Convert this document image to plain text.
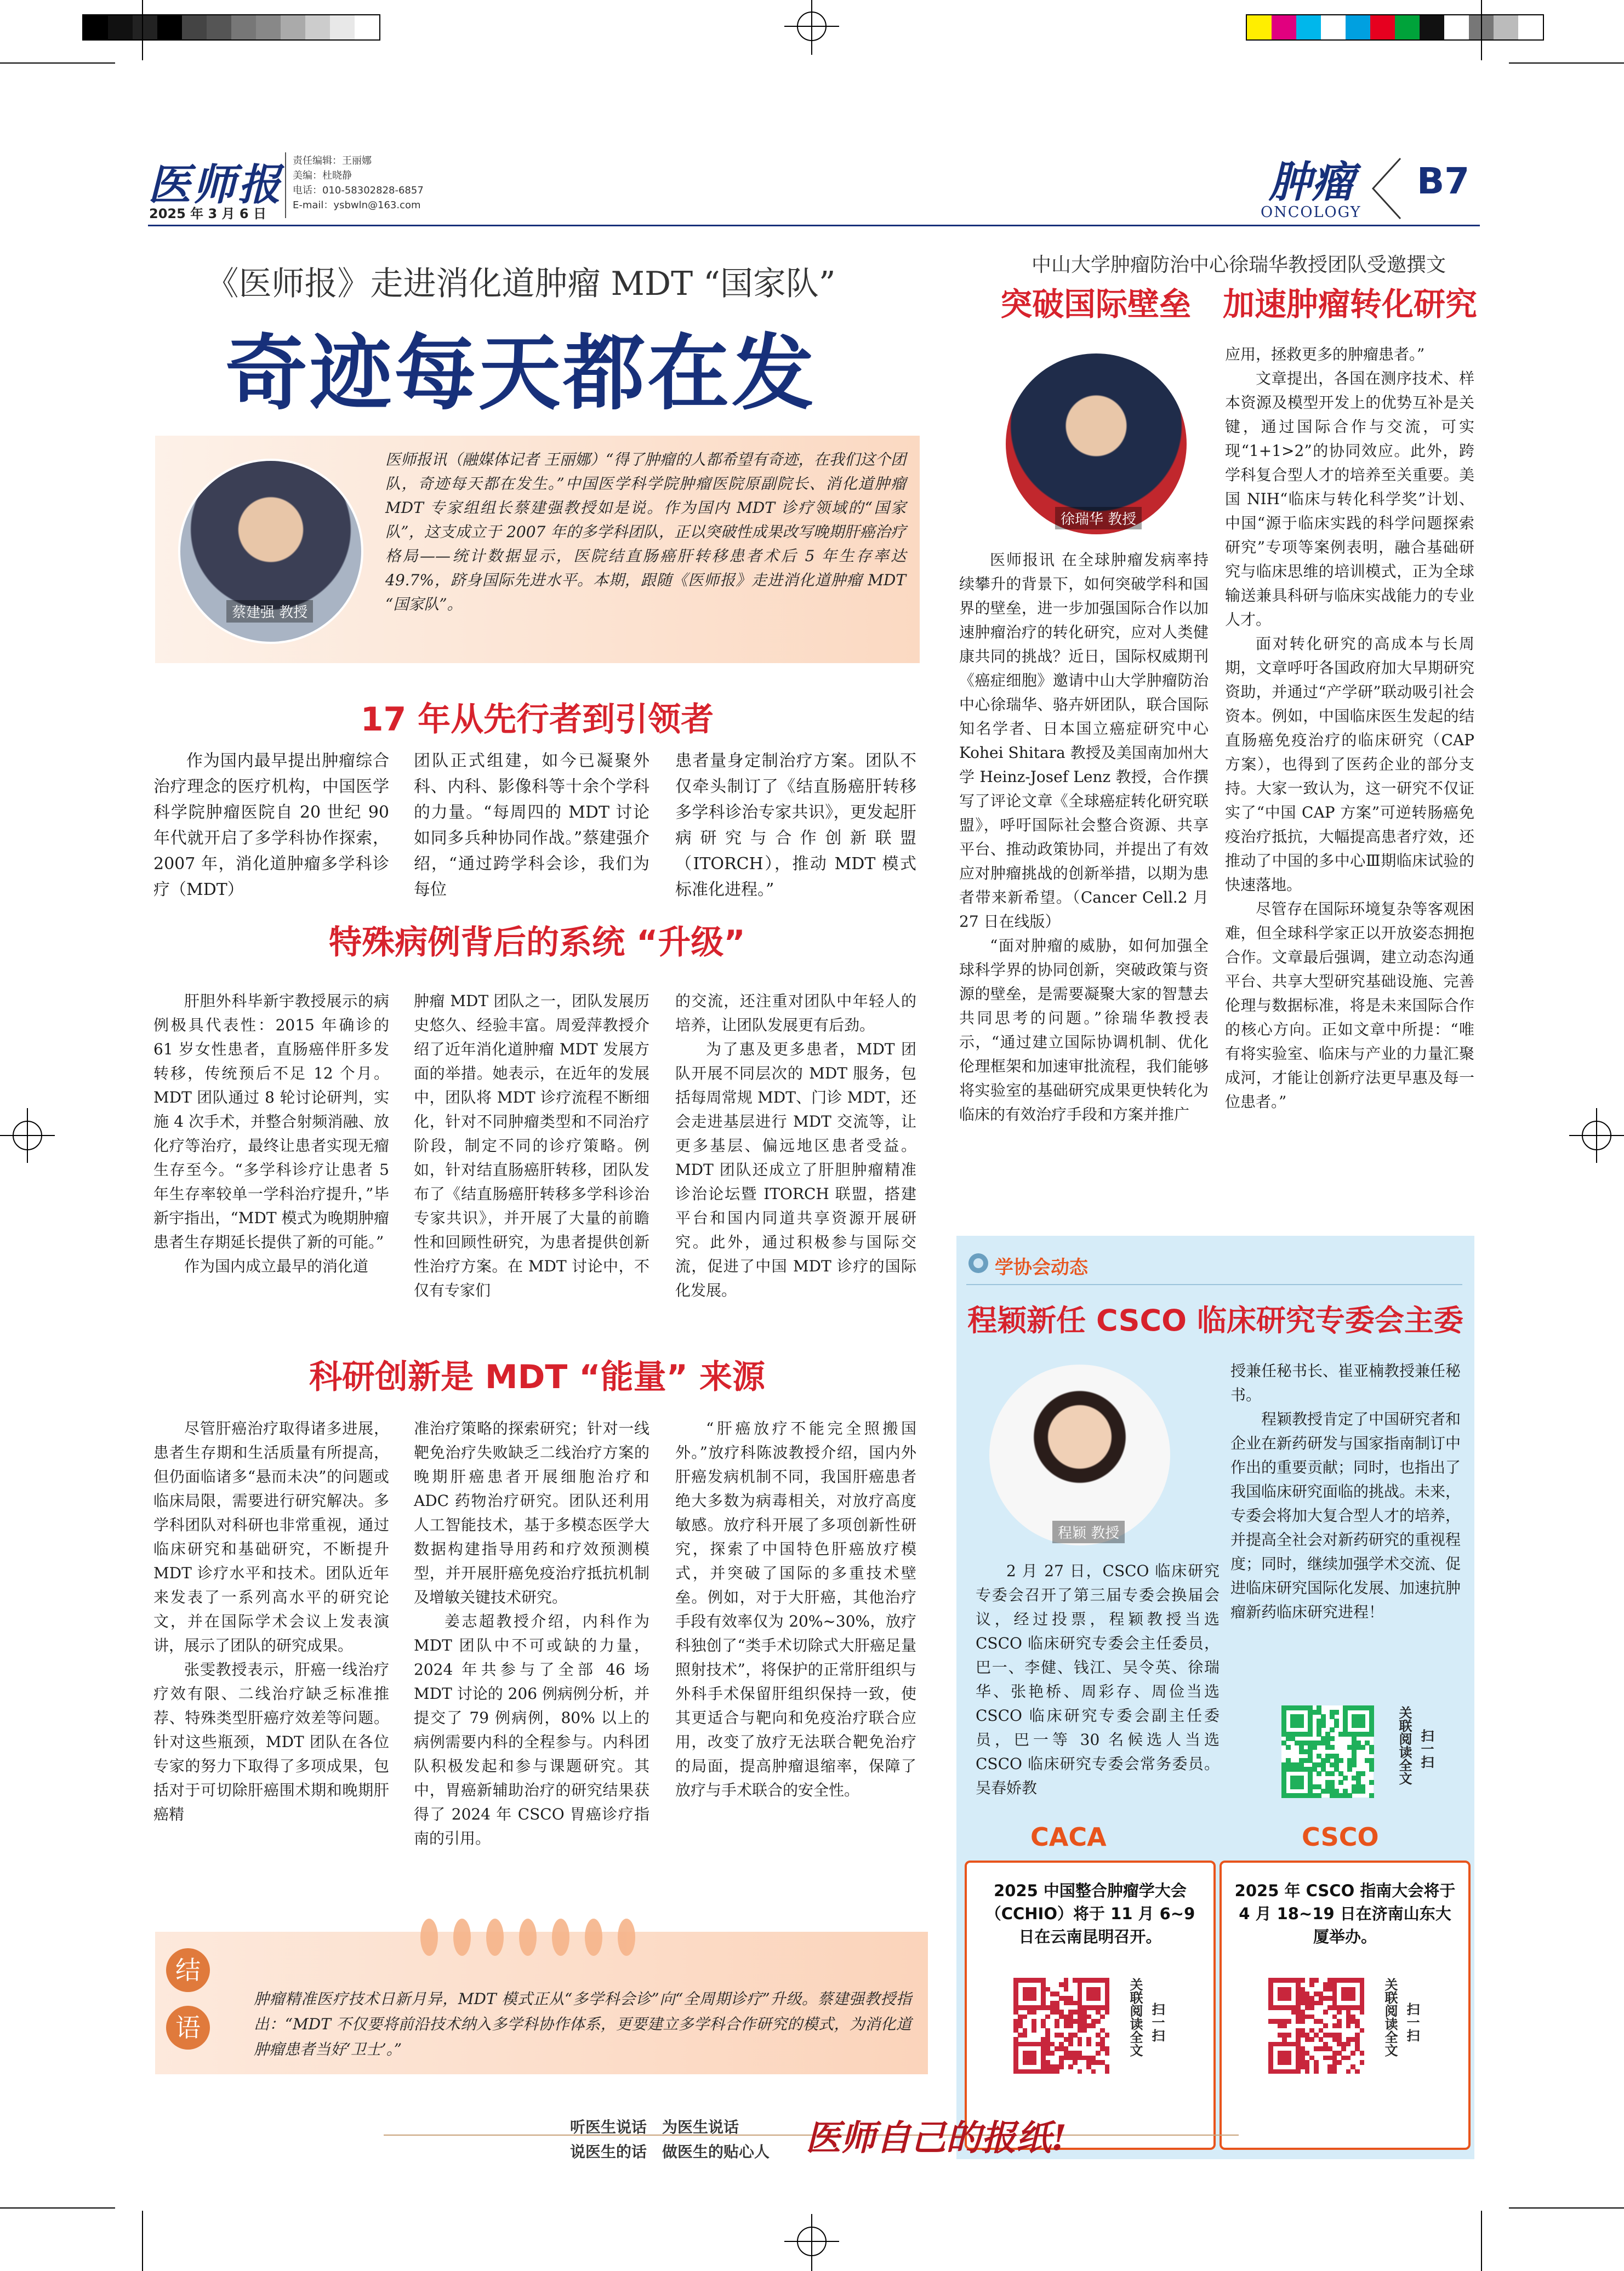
医师报
2025 年 3 月 6 日
责任编辑：王丽娜
美编：杜晓静
电话：010-58302828-6857
E-mail：ysbwln@163.com	肿瘤
ONCOLOGY
B7
《医师报》走进消化道肿瘤 MDT “国家队”
奇迹每天都在发
蔡建强 教授
医师报讯（融媒体记者 王丽娜）“得了肿瘤的人都希望有奇迹，在我们这个团队，奇迹每天都在发生。”中国医学科学院肿瘤医院原副院长、消化道肿瘤 MDT 专家组组长蔡建强教授如是说。作为国内 MDT 诊疗领域的“国家队”，这支成立于 2007 年的多学科团队，正以突破性成果改写晚期肝癌治疗格局——统计数据显示，医院结直肠癌肝转移患者术后 5 年生存率达 49.7%，跻身国际先进水平。本期，跟随《医师报》走进消化道肿瘤 MDT “国家队”。
17 年从先行者到引领者

作为国内最早提出肿瘤综合治疗理念的医疗机构，中国医学科学院肿瘤医院自 20 世纪 90 年代就开启了多学科协作探索，2007 年，消化道肿瘤多学科诊疗（MDT）

团队正式组建，如今已凝聚外科、内科、影像科等十余个学科的力量。“每周四的 MDT 讨论如同多兵种协同作战。”蔡建强介绍，“通过跨学科会诊，我们为每位

患者量身定制治疗方案。团队不仅牵头制订了《结直肠癌肝转移多学科诊治专家共识》，更发起肝病研究与合作创新联盟（ITORCH），推动 MDT 模式标准化进程。”

特殊病例背后的系统 “升级”

肝胆外科毕新宇教授展示的病例极具代表性：2015 年确诊的 61 岁女性患者，直肠癌伴肝多发转移，传统预后不足 12 个月。MDT 团队通过 8 轮讨论研判，实施 4 次手术，并整合射频消融、放化疗等治疗，最终让患者实现无瘤生存至今。“多学科诊疗让患者 5 年生存率较单一学科治疗提升，”毕新宇指出，“MDT 模式为晚期肿瘤患者生存期延长提供了新的可能。”

作为国内成立最早的消化道

肿瘤 MDT 团队之一，团队发展历史悠久、经验丰富。周爱萍教授介绍了近年消化道肿瘤 MDT 发展方面的举措。她表示，在近年的发展中，团队将 MDT 诊疗流程不断细化，针对不同肿瘤类型和不同治疗阶段，制定不同的诊疗策略。例如，针对结直肠癌肝转移，团队发布了《结直肠癌肝转移多学科诊治专家共识》，并开展了大量的前瞻性和回顾性研究，为患者提供创新性治疗方案。在 MDT 讨论中，不仅有专家们

的交流，还注重对团队中年轻人的培养，让团队发展更有后劲。

为了惠及更多患者，MDT 团队开展不同层次的 MDT 服务，包括每周常规 MDT、门诊 MDT，还会走进基层进行 MDT 交流等，让更多基层、偏远地区患者受益。MDT 团队还成立了肝胆肿瘤精准诊治论坛暨 ITORCH 联盟，搭建平台和国内同道共享资源开展研究。此外，通过积极参与国际交流，促进了中国 MDT 诊疗的国际化发展。

科研创新是 MDT “能量” 来源

尽管肝癌治疗取得诸多进展，患者生存期和生活质量有所提高，但仍面临诸多“悬而未决”的问题或临床局限，需要进行研究解决。多学科团队对科研也非常重视，通过临床研究和基础研究，不断提升 MDT 诊疗水平和技术。团队近年来发表了一系列高水平的研究论文，并在国际学术会议上发表演讲，展示了团队的研究成果。

张雯教授表示，肝癌一线治疗疗效有限、二线治疗缺乏标准推荐、特殊类型肝癌疗效差等问题。针对这些瓶颈，MDT 团队在各位专家的努力下取得了多项成果，包括对于可切除肝癌围术期和晚期肝癌精

准治疗策略的探索研究；针对一线靶免治疗失败缺乏二线治疗方案的晚期肝癌患者开展细胞治疗和 ADC 药物治疗研究。团队还利用人工智能技术，基于多模态医学大数据构建指导用药和疗效预测模型，并开展肝癌免疫治疗抵抗机制及增敏关键技术研究。

姜志超教授介绍，内科作为 MDT 团队中不可或缺的力量，2024 年共参与了全部 46 场 MDT 讨论的 206 例病例分析，并提交了 79 例病例，80% 以上的病例需要内科的全程参与。内科团队积极发起和参与课题研究。其中，胃癌新辅助治疗的研究结果获得了 2024 年 CSCO 胃癌诊疗指南的引用。

“肝癌放疗不能完全照搬国外。”放疗科陈波教授介绍，国内外肝癌发病机制不同，我国肝癌患者绝大多数为病毒相关，对放疗高度敏感。放疗科开展了多项创新性研究，探索了中国特色肝癌放疗模式，并突破了国际的多重技术壁垒。例如，对于大肝癌，其他治疗手段有效率仅为 20%~30%，放疗科独创了“类手术切除式大肝癌足量照射技术”，将保护的正常肝组织与外科手术保留肝组织保持一致，使其更适合与靶向和免疫治疗联合应用，改变了放疗无法联合靶免治疗的局面，提高肿瘤退缩率，保障了放疗与手术联合的安全性。

结
语
肿瘤精准医疗技术日新月异，MDT 模式正从“多学科会诊”向“全周期诊疗”升级。蔡建强教授指出：“MDT 不仅要将前沿技术纳入多学科协作体系，更要建立多学科合作研究的模式，为消化道肿瘤患者当好‘卫士’。”
中山大学肿瘤防治中心徐瑞华教授团队受邀撰文
突破国际壁垒　加速肿瘤转化研究
徐瑞华 教授

应用，拯救更多的肿瘤患者。”

文章提出，各国在测序技术、样本资源及模型开发上的优势互补是关键，通过国际合作与交流，可实现“1+1>2”的协同效应。此外，跨学科复合型人才的培养至关重要。美国 NIH“临床与转化科学奖”计划、中国“源于临床实践的科学问题探索研究”专项等案例表明，融合基础研究与临床思维的培训模式，正为全球输送兼具科研与临床实战能力的专业人才。

面对转化研究的高成本与长周期，文章呼吁各国政府加大早期研究资助，并通过“产学研”联动吸引社会资本。例如，中国临床医生发起的结直肠癌免疫治疗的临床研究（CAP 方案），也得到了医药企业的部分支持。大家一致认为，这一研究不仅证实了“中国 CAP 方案”可逆转肠癌免疫治疗抵抗，大幅提高患者疗效，还推动了中国的多中心Ⅲ期临床试验的快速落地。

尽管存在国际环境复杂等客观困难，但全球科学家正以开放姿态拥抱合作。文章最后强调，建立动态沟通平台、共享大型研究基础设施、完善伦理与数据标准，将是未来国际合作的核心方向。正如文章中所提：“唯有将实验室、临床与产业的力量汇聚成河，才能让创新疗法更早惠及每一位患者。”

医师报讯 在全球肿瘤发病率持续攀升的背景下，如何突破学科和国界的壁垒，进一步加强国际合作以加速肿瘤治疗的转化研究，应对人类健康共同的挑战？近日，国际权威期刊《癌症细胞》邀请中山大学肿瘤防治中心徐瑞华、骆卉妍团队，联合国际知名学者、日本国立癌症研究中心 Kohei Shitara 教授及美国南加州大学 Heinz-Josef Lenz 教授，合作撰写了评论文章《全球癌症转化研究联盟》，呼吁国际社会整合资源、共享平台、推动政策协同，并提出了有效应对肿瘤挑战的创新举措，以期为患者带来新希望。（Cancer Cell.2 月 27 日在线版）

“面对肿瘤的威胁，如何加强全球科学界的协同创新，突破政策与资源的壁垒，是需要凝聚大家的智慧去共同思考的问题。”徐瑞华教授表示，“通过建立国际协调机制、优化伦理框架和加速审批流程，我们能够将实验室的基础研究成果更快转化为临床的有效治疗手段和方案并推广

学协会动态
程颖新任 CSCO 临床研究专委会主委
程颖 教授

2 月 27 日，CSCO 临床研究专委会召开了第三届专委会换届会议，经过投票，程颖教授当选 CSCO 临床研究专委会主任委员，巴一、李健、钱江、吴令英、徐瑞华、张艳桥、周彩存、周俭当选 CSCO 临床研究专委会副主任委员，巴一等 30 名候选人当选 CSCO 临床研究专委会常务委员。吴春娇教

授兼任秘书长、崔亚楠教授兼任秘书。

程颖教授肯定了中国研究者和企业在新药研发与国家指南制订中作出的重要贡献；同时，也指出了我国临床研究面临的挑战。未来，专委会将加大复合型人才的培养，并提高全社会对新药研究的重视程度；同时，继续加强学术交流、促进临床研究国际化发展、加速抗肿瘤新药临床研究进程！

关联阅读全文 扫一扫
CACA	CSCO
2025 中国整合肿瘤学大会（CCHIO）将于 11 月 6~9 日在云南昆明召开。
关联阅读全文 扫一扫
2025 年 CSCO 指南大会将于 4 月 18~19 日在济南山东大厦举办。
关联阅读全文 扫一扫
听医生说话　为医生说话
说医生的话　做医生的贴心人 医师自己的报纸!
